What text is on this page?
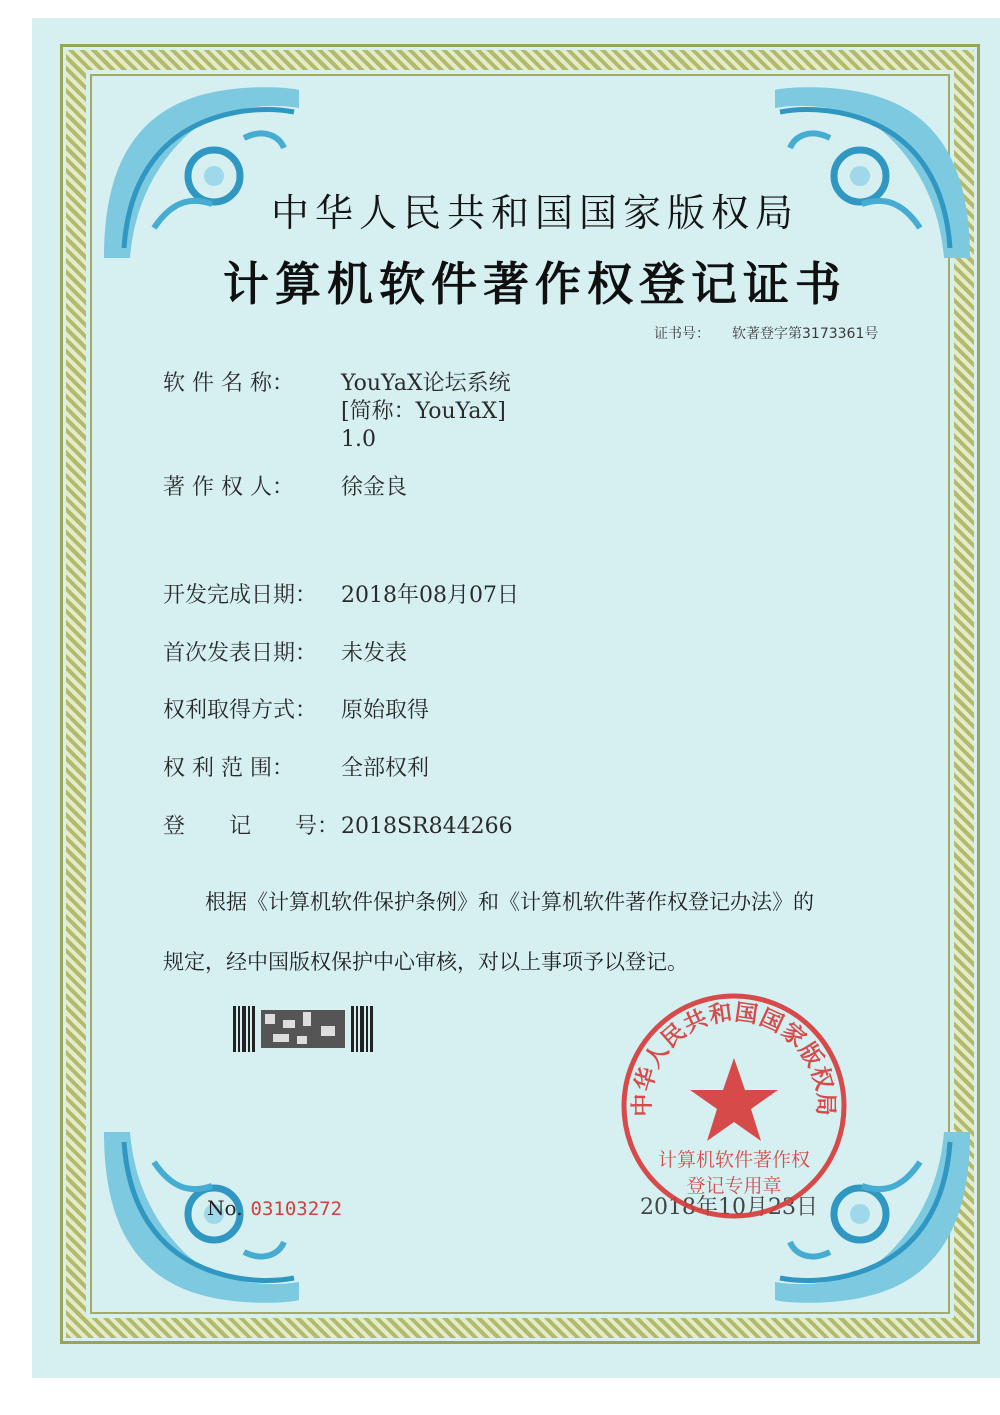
中华人民共和国国家版权局
计算机软件著作权登记证书
证书号： 软著登字第3173361号
软 件 名 称：	YouYaX论坛系统
[简称：YouYaX]
1.0
著 作 权 人：	徐金良
开发完成日期： 2018年08月07日
首次发表日期： 未发表
权利取得方式： 原始取得
权 利 范 围：	全部权利
登　　记　　号： 2018SR844266
根据《计算机软件保护条例》和《计算机软件著作权登记办法》的
规定，经中国版权保护中心审核，对以上事项予以登记。
No. 03103272	2018年10月23日
中华人民共和国国家版权局
计算机软件著作权
登记专用章
